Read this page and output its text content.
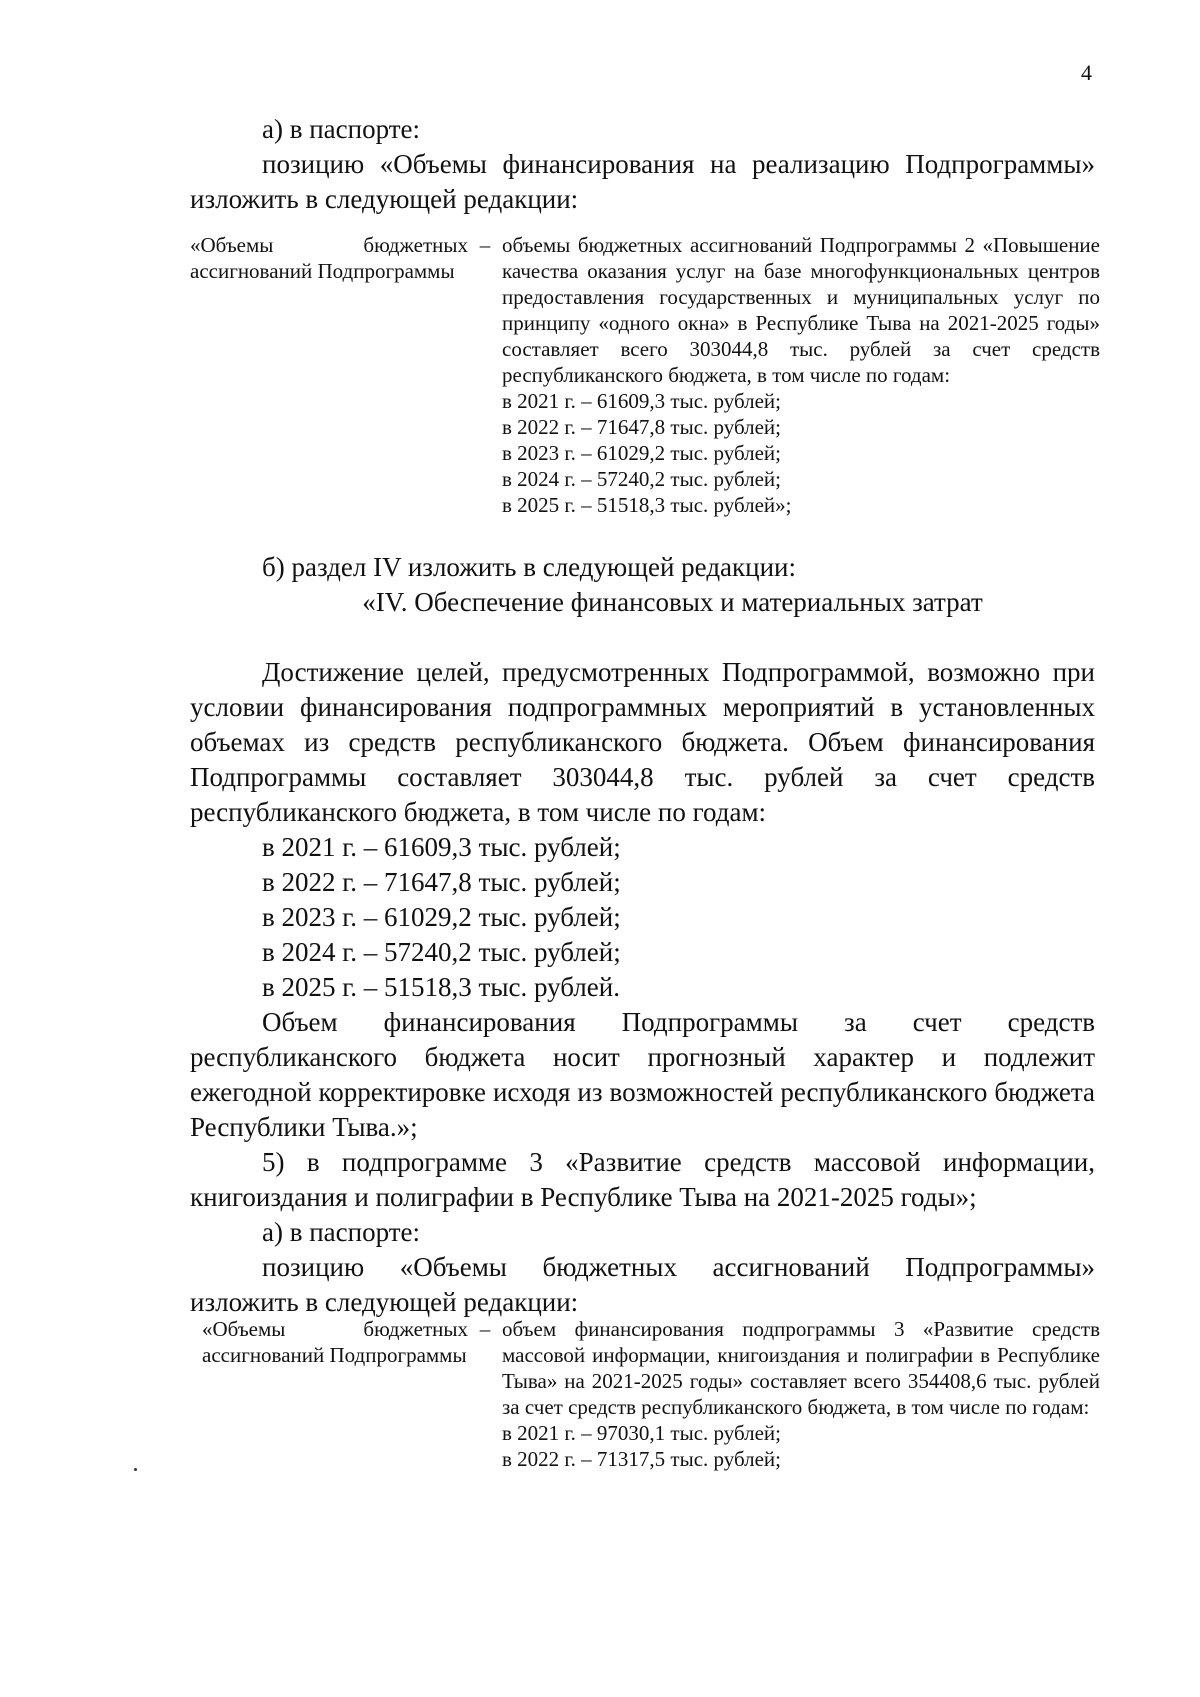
4

а) в паспорте:

позицию «Объемы финансирования на реализацию Подпрограммы» изложить в следующей редакции:

«Объемы бюджетных ассигнований Подпрограммы
– объемы бюджетных ассигнований Подпрограммы 2 «Повышение качества оказания услуг на базе многофункциональных центров предоставления государственных и муниципальных услуг по принципу «одного окна» в Республике Тыва на 2021-2025 годы» составляет всего 303044,8 тыс. рублей за счет средств республиканского бюджета, в том числе по годам:
в 2021 г. – 61609,3 тыс. рублей;
в 2022 г. – 71647,8 тыс. рублей;
в 2023 г. – 61029,2 тыс. рублей;
в 2024 г. – 57240,2 тыс. рублей;
в 2025 г. – 51518,3 тыс. рублей»;

б) раздел IV изложить в следующей редакции:

«IV. Обеспечение финансовых и материальных затрат

Достижение целей, предусмотренных Подпрограммой, возможно при условии финансирования подпрограммных мероприятий в установленных объемах из средств республиканского бюджета. Объем финансирования Подпрограммы составляет 303044,8 тыс. рублей за счет средств республиканского бюджета, в том числе по годам:

в 2021 г. – 61609,3 тыс. рублей;

в 2022 г. – 71647,8 тыс. рублей;

в 2023 г. – 61029,2 тыс. рублей;

в 2024 г. – 57240,2 тыс. рублей;

в 2025 г. – 51518,3 тыс. рублей.

Объем финансирования Подпрограммы за счет средств республиканского бюджета носит прогнозный характер и подлежит ежегодной корректировке исходя из возможностей республиканского бюджета Республики Тыва.»;

5) в подпрограмме 3 «Развитие средств массовой информации, книгоиздания и полиграфии в Республике Тыва на 2021-2025 годы»;

а) в паспорте:

позицию «Объемы бюджетных ассигнований Подпрограммы» изложить в следующей редакции:

«Объемы бюджетных ассигнований Подпрограммы
– объем финансирования подпрограммы 3 «Развитие средств массовой информации, книгоиздания и полиграфии в Республике Тыва» на 2021-2025 годы» составляет всего 354408,6 тыс. рублей за счет средств республиканского бюджета, в том числе по годам:
в 2021 г. – 97030,1 тыс. рублей;
в 2022 г. – 71317,5 тыс. рублей;
